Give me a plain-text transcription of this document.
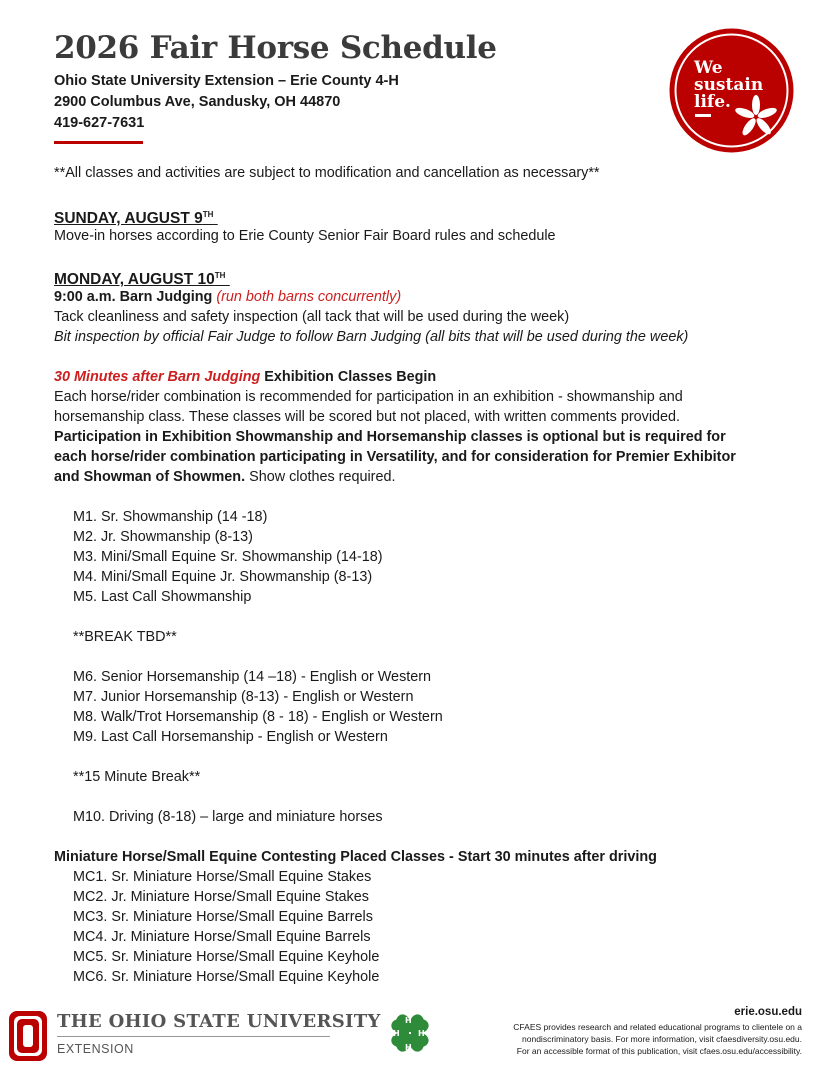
2026 Fair Horse Schedule
Ohio State University Extension – Erie County 4-H
2900 Columbus Ave, Sandusky, OH 44870
419-627-7631
We
sustain
life.
**All classes and activities are subject to modification and cancellation as necessary**
SUNDAY, AUGUST 9TH
Move-in horses according to Erie County Senior Fair Board rules and schedule
MONDAY, AUGUST 10TH
9:00 a.m. Barn Judging (run both barns concurrently)
Tack cleanliness and safety inspection (all tack that will be used during the week)
Bit inspection by official Fair Judge to follow Barn Judging (all bits that will be used during the week)
30 Minutes after Barn Judging Exhibition Classes Begin
Each horse/rider combination is recommended for participation in an exhibition - showmanship and
horsemanship class. These classes will be scored but not placed, with written comments provided.
Participation in Exhibition Showmanship and Horsemanship classes is optional but is required for
each horse/rider combination participating in Versatility, and for consideration for Premier Exhibitor
and Showman of Showmen. Show clothes required.
M1. Sr. Showmanship (14 -18)
M2. Jr. Showmanship (8-13)
M3. Mini/Small Equine Sr. Showmanship (14-18)
M4. Mini/Small Equine Jr. Showmanship (8-13)
M5. Last Call Showmanship
**BREAK TBD**
M6. Senior Horsemanship (14 –18) - English or Western
M7. Junior Horsemanship (8-13) - English or Western
M8. Walk/Trot Horsemanship (8 - 18) - English or Western
M9. Last Call Horsemanship - English or Western
**15 Minute Break**
M10. Driving (8-18) – large and miniature horses
Miniature Horse/Small Equine Contesting Placed Classes - Start 30 minutes after driving
MC1. Sr. Miniature Horse/Small Equine Stakes
MC2. Jr. Miniature Horse/Small Equine Stakes
MC3. Sr. Miniature Horse/Small Equine Barrels
MC4. Jr. Miniature Horse/Small Equine Barrels
MC5. Sr. Miniature Horse/Small Equine Keyhole
MC6. Sr. Miniature Horse/Small Equine Keyhole
THE OHIO STATE UNIVERSITY
EXTENSION
H
H
H H
erie.osu.edu
CFAES provides research and related educational programs to clientele on a
nondiscriminatory basis. For more information, visit cfaesdiversity.osu.edu.
For an accessible format of this publication, visit cfaes.osu.edu/accessibility.
